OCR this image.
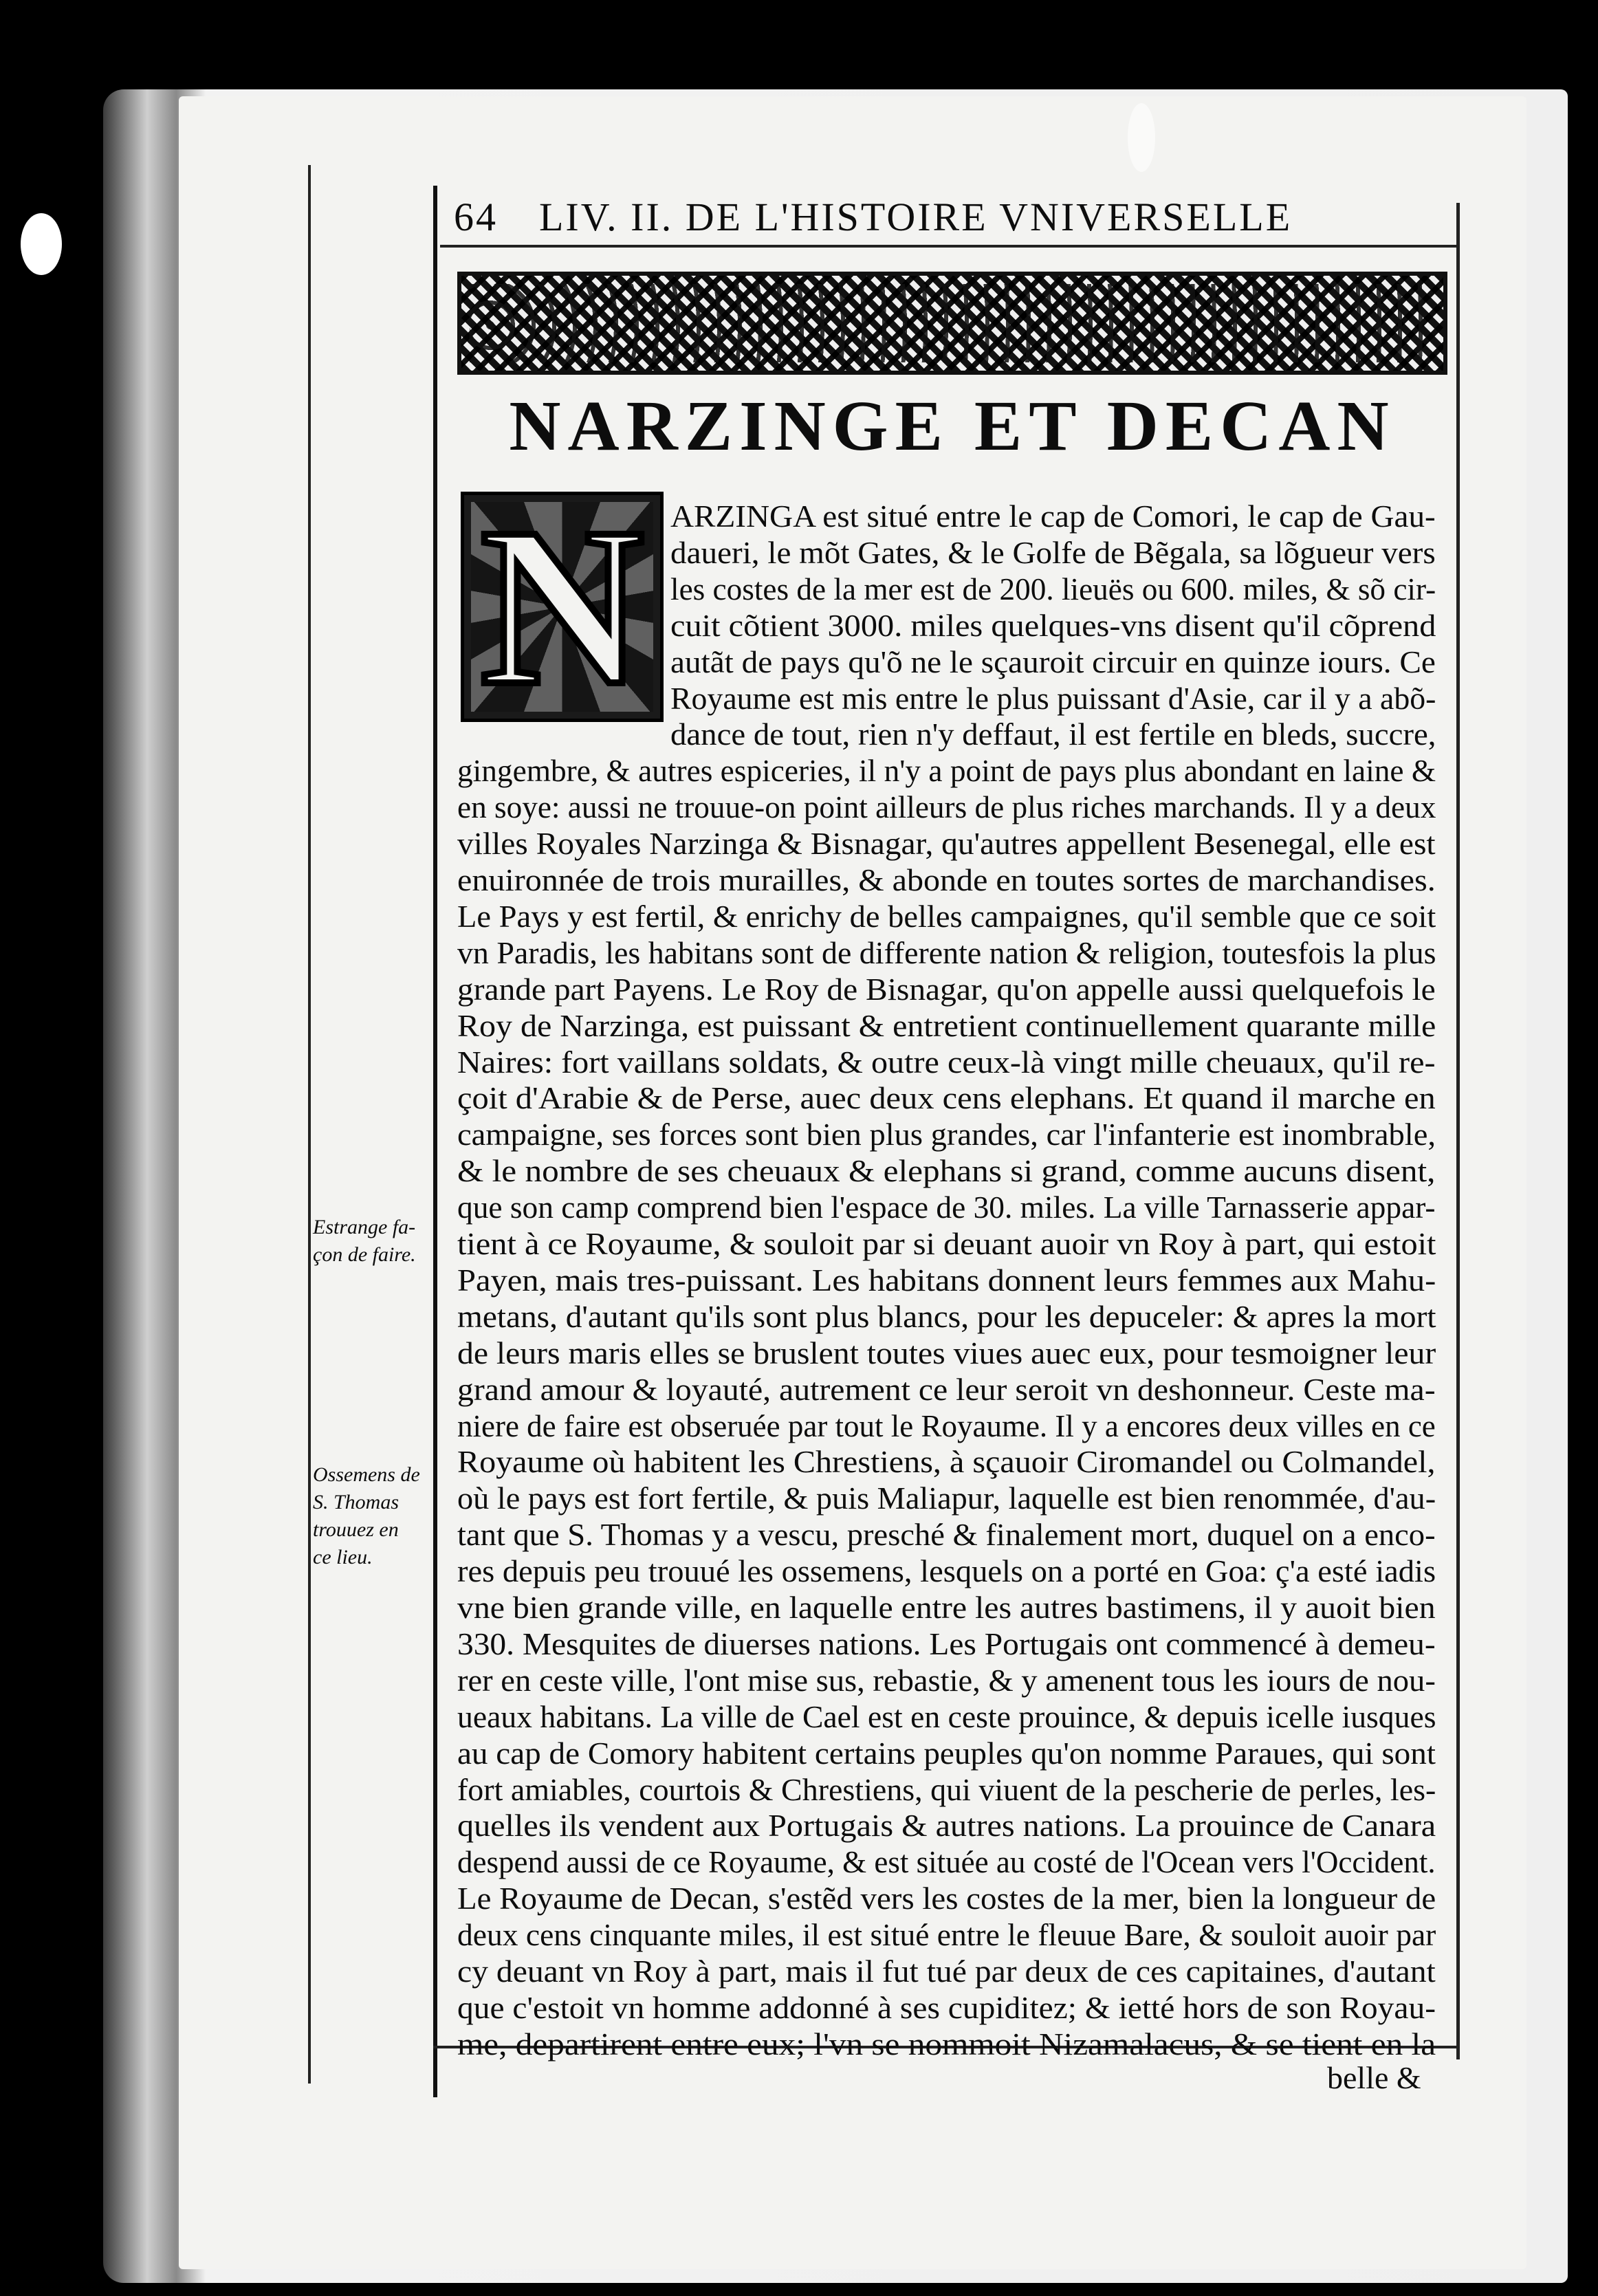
64 LIV. II. DE L'HISTOIRE VNIVERSELLE
NARZINGE ET DECAN
N ARZINGA est situé entre le cap de Comori, le cap de Gau-
daueri, le mõt Gates, & le Golfe de Bẽgala, sa lõgueur vers
les costes de la mer est de 200. lieuës ou 600. miles, & sõ cir-
cuit cõtient 3000. miles quelques-vns disent qu'il cõprend
autãt de pays qu'õ ne le sçauroit circuir en quinze iours. Ce
Royaume est mis entre le plus puissant d'Asie, car il y a abõ-
dance de tout, rien n'y deffaut, il est fertile en bleds, succre,
gingembre, & autres espiceries, il n'y a point de pays plus abondant en laine &
en soye: aussi ne trouue-on point ailleurs de plus riches marchands. Il y a deux
villes Royales Narzinga & Bisnagar, qu'autres appellent Besenegal, elle est
enuironnée de trois murailles, & abonde en toutes sortes de marchandises.
Le Pays y est fertil, & enrichy de belles campaignes, qu'il semble que ce soit
vn Paradis, les habitans sont de differente nation & religion, toutesfois la plus
grande part Payens. Le Roy de Bisnagar, qu'on appelle aussi quelquefois le
Roy de Narzinga, est puissant & entretient continuellement quarante mille
Naires: fort vaillans soldats, & outre ceux-là vingt mille cheuaux, qu'il re-
çoit d'Arabie & de Perse, auec deux cens elephans. Et quand il marche en
campaigne, ses forces sont bien plus grandes, car l'infanterie est inombrable,
& le nombre de ses cheuaux & elephans si grand, comme aucuns disent,
que son camp comprend bien l'espace de 30. miles. La ville Tarnasserie appar-
tient à ce Royaume, & souloit par si deuant auoir vn Roy à part, qui estoit
Payen, mais tres-puissant. Les habitans donnent leurs femmes aux Mahu-
metans, d'autant qu'ils sont plus blancs, pour les depuceler: & apres la mort
de leurs maris elles se bruslent toutes viues auec eux, pour tesmoigner leur
grand amour & loyauté, autrement ce leur seroit vn deshonneur. Ceste ma-
niere de faire est obseruée par tout le Royaume. Il y a encores deux villes en ce
Royaume où habitent les Chrestiens, à sçauoir Ciromandel ou Colmandel,
où le pays est fort fertile, & puis Maliapur, laquelle est bien renommée, d'au-
tant que S. Thomas y a vescu, presché & finalement mort, duquel on a enco-
res depuis peu trouué les ossemens, lesquels on a porté en Goa: ç'a esté iadis
vne bien grande ville, en laquelle entre les autres bastimens, il y auoit bien
330. Mesquites de diuerses nations. Les Portugais ont commencé à demeu-
rer en ceste ville, l'ont mise sus, rebastie, & y amenent tous les iours de nou-
ueaux habitans. La ville de Cael est en ceste prouince, & depuis icelle iusques
au cap de Comory habitent certains peuples qu'on nomme Paraues, qui sont
fort amiables, courtois & Chrestiens, qui viuent de la pescherie de perles, les-
quelles ils vendent aux Portugais & autres nations. La prouince de Canara
despend aussi de ce Royaume, & est située au costé de l'Ocean vers l'Occident.
Le Royaume de Decan, s'estẽd vers les costes de la mer, bien la longueur de
deux cens cinquante miles, il est situé entre le fleuue Bare, & souloit auoir par
cy deuant vn Roy à part, mais il fut tué par deux de ces capitaines, d'autant
que c'estoit vn homme addonné à ses cupiditez; & ietté hors de son Royau-
me, departirent entre eux; l'vn se nommoit Nizamalacus, & se tient en la
Estrange fa-
çon de faire.
Ossemens de
S. Thomas
trouuez en
ce lieu.
belle &
